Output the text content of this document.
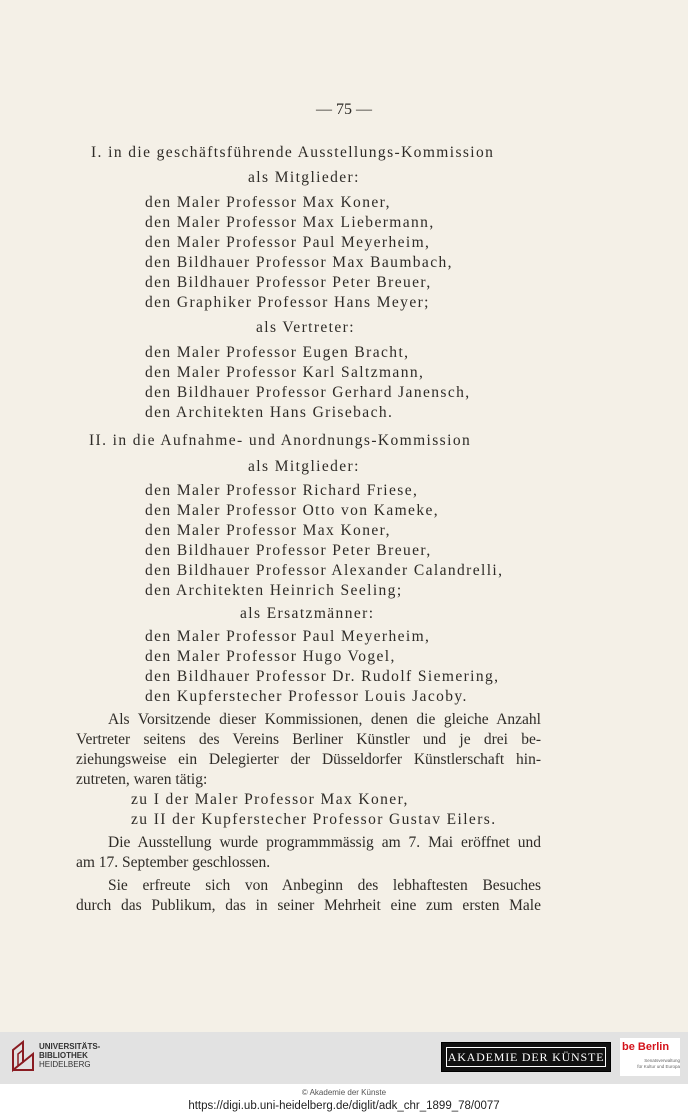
— 75 —
I. in die geschäftsführende Ausstellungs-Kommission
als Mitglieder:
den Maler Professor Max Koner,
den Maler Professor Max Liebermann,
den Maler Professor Paul Meyerheim,
den Bildhauer Professor Max Baumbach,
den Bildhauer Professor Peter Breuer,
den Graphiker Professor Hans Meyer;
als Vertreter:
den Maler Professor Eugen Bracht,
den Maler Professor Karl Saltzmann,
den Bildhauer Professor Gerhard Janensch,
den Architekten Hans Grisebach.
II. in die Aufnahme- und Anordnungs-Kommission
als Mitglieder:
den Maler Professor Richard Friese,
den Maler Professor Otto von Kameke,
den Maler Professor Max Koner,
den Bildhauer Professor Peter Breuer,
den Bildhauer Professor Alexander Calandrelli,
den Architekten Heinrich Seeling;
als Ersatzmänner:
den Maler Professor Paul Meyerheim,
den Maler Professor Hugo Vogel,
den Bildhauer Professor Dr. Rudolf Siemering,
den Kupferstecher Professor Louis Jacoby.
Als Vorsitzende dieser Kommissionen, denen die gleiche Anzahl
Vertreter seitens des Vereins Berliner Künstler und je drei be-
ziehungsweise ein Delegierter der Düsseldorfer Künstlerschaft hin-
zutreten, waren tätig:
zu I der Maler Professor Max Koner,
zu II der Kupferstecher Professor Gustav Eilers.
Die Ausstellung wurde programmmässig am 7. Mai eröffnet und
am 17. September geschlossen.
Sie erfreute sich von Anbeginn des lebhaftesten Besuches
durch das Publikum, das in seiner Mehrheit eine zum ersten Male
UNIVERSITÄTS-
BIBLIOTHEK
HEIDELBERG
AKADEMIE DER KÜNSTE
be Berlin
Senatsverwaltung
für Kultur und Europa
© Akademie der Künste
https://digi.ub.uni-heidelberg.de/diglit/adk_chr_1899_78/0077
